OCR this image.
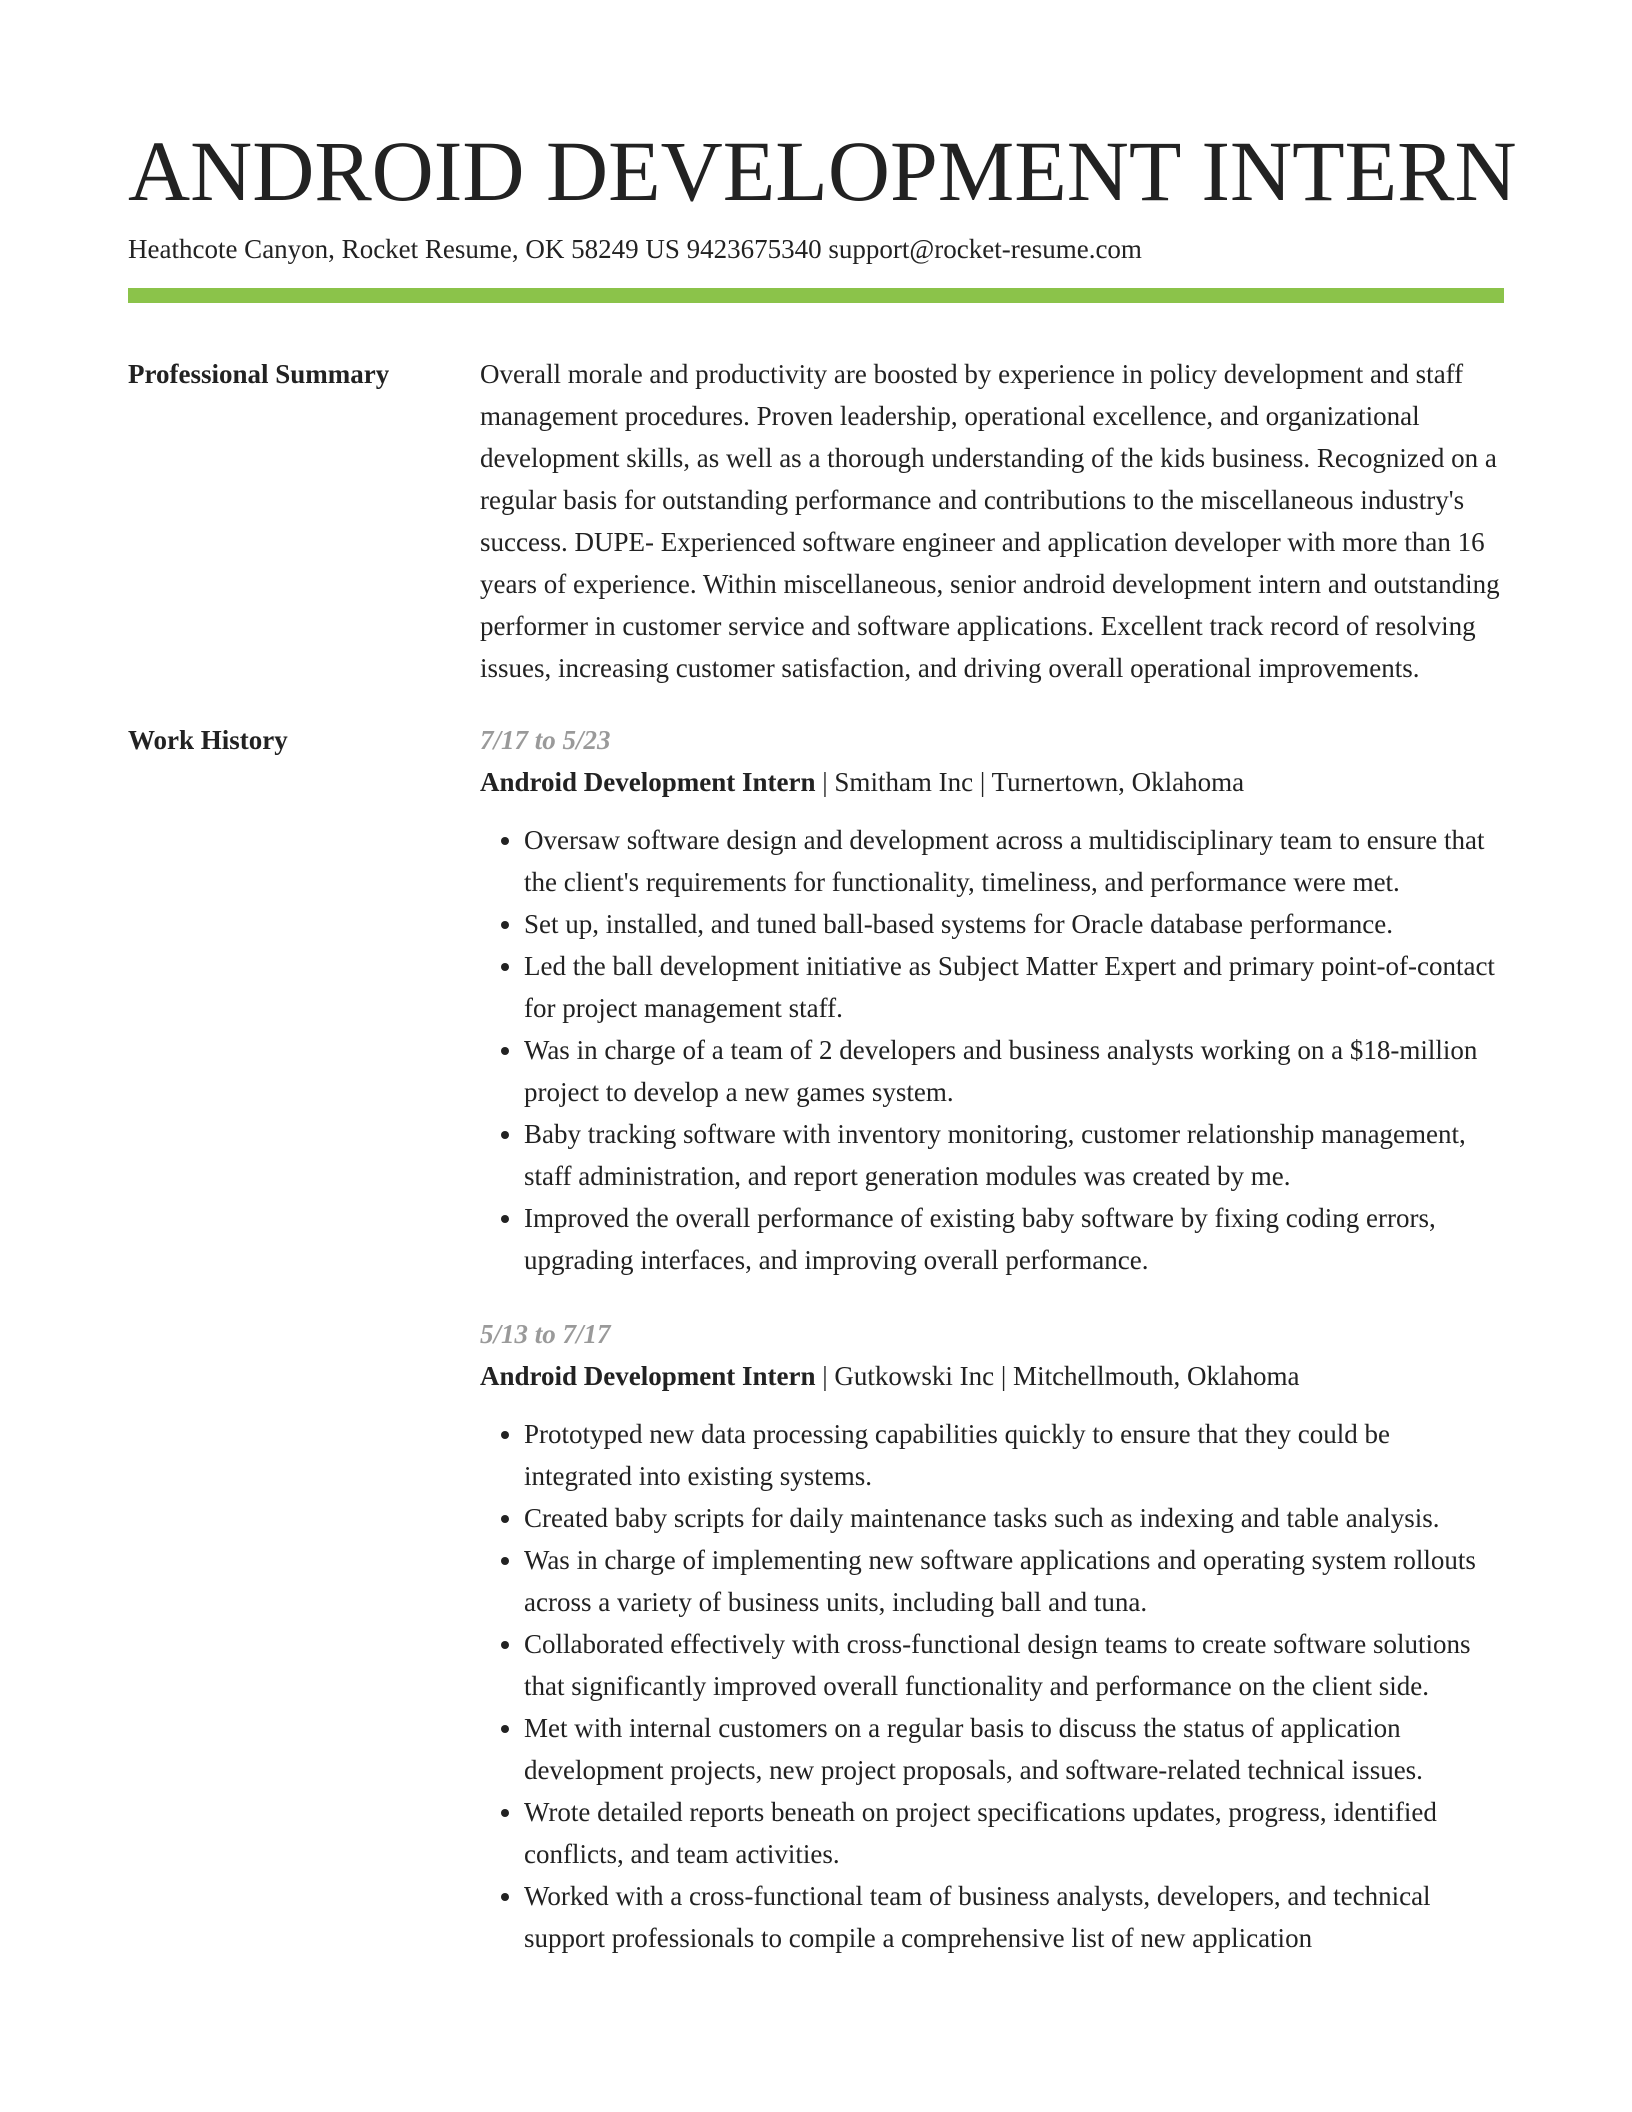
ANDROID DEVELOPMENT INTERN
Heathcote Canyon, Rocket Resume, OK 58249 US 9423675340 support@rocket-resume.com
Professional Summary	Overall morale and productivity are boosted by experience in policy development and staff management procedures. Proven leadership, operational excellence, and organizational development skills, as well as a thorough understanding of the kids business. Recognized on a regular basis for outstanding performance and contributions to the miscellaneous industry's success. DUPE- Experienced software engineer and application developer with more than 16 years of experience. Within miscellaneous, senior android development intern and outstanding performer in customer service and software applications. Excellent track record of resolving issues, increasing customer satisfaction, and driving overall operational improvements.

Work History	7/17 to 5/23
Android Development Intern | Smitham Inc | Turnertown, Oklahoma
• Oversaw software design and development across a multidisciplinary team to ensure that the client's requirements for functionality, timeliness, and performance were met.
• Set up, installed, and tuned ball-based systems for Oracle database performance.
• Led the ball development initiative as Subject Matter Expert and primary point-of-contact for project management staff.
• Was in charge of a team of 2 developers and business analysts working on a $18-million project to develop a new games system.
• Baby tracking software with inventory monitoring, customer relationship management, staff administration, and report generation modules was created by me.
• Improved the overall performance of existing baby software by fixing coding errors, upgrading interfaces, and improving overall performance.
5/13 to 7/17
Android Development Intern | Gutkowski Inc | Mitchellmouth, Oklahoma
• Prototyped new data processing capabilities quickly to ensure that they could be integrated into existing systems.
• Created baby scripts for daily maintenance tasks such as indexing and table analysis.
• Was in charge of implementing new software applications and operating system rollouts across a variety of business units, including ball and tuna.
• Collaborated effectively with cross-functional design teams to create software solutions that significantly improved overall functionality and performance on the client side.
• Met with internal customers on a regular basis to discuss the status of application development projects, new project proposals, and software-related technical issues.
• Wrote detailed reports beneath on project specifications updates, progress, identified conflicts, and team activities.
• Worked with a cross-functional team of business analysts, developers, and technical support professionals to compile a comprehensive list of new application
